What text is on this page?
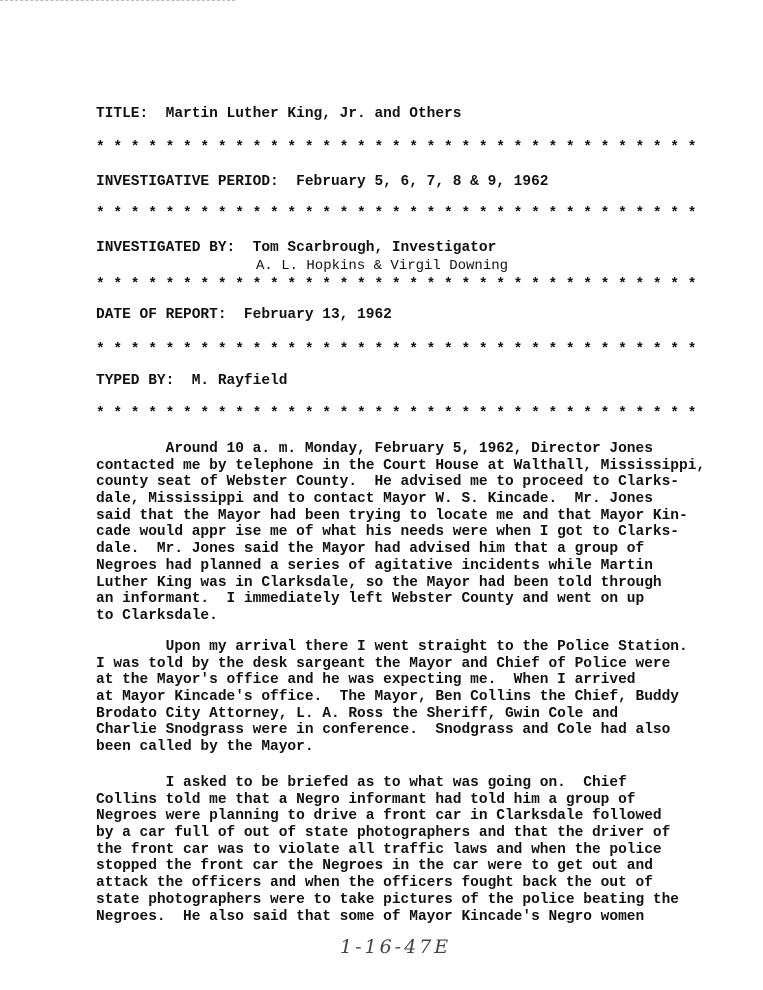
TITLE:  Martin Luther King, Jr. and Others
* * * * * * * * * * * * * * * * * * * * * * * * * * * * * * * * * * *
INVESTIGATIVE PERIOD:  February 5, 6, 7, 8 & 9, 1962
* * * * * * * * * * * * * * * * * * * * * * * * * * * * * * * * * * *
INVESTIGATED BY:  Tom Scarbrough, Investigator
A. L. Hopkins & Virgil Downing
* * * * * * * * * * * * * * * * * * * * * * * * * * * * * * * * * * *
DATE OF REPORT:  February 13, 1962
* * * * * * * * * * * * * * * * * * * * * * * * * * * * * * * * * * *
TYPED BY:  M. Rayfield
* * * * * * * * * * * * * * * * * * * * * * * * * * * * * * * * * * *
Around 10 a. m. Monday, February 5, 1962, Director Jones
contacted me by telephone in the Court House at Walthall, Mississippi,
county seat of Webster County.  He advised me to proceed to Clarks-
dale, Mississippi and to contact Mayor W. S. Kincade.  Mr. Jones
said that the Mayor had been trying to locate me and that Mayor Kin-
cade would appr ise me of what his needs were when I got to Clarks-
dale.  Mr. Jones said the Mayor had advised him that a group of
Negroes had planned a series of agitative incidents while Martin
Luther King was in Clarksdale, so the Mayor had been told through
an informant.  I immediately left Webster County and went on up
to Clarksdale.
Upon my arrival there I went straight to the Police Station.
I was told by the desk sargeant the Mayor and Chief of Police were
at the Mayor's office and he was expecting me.  When I arrived
at Mayor Kincade's office.  The Mayor, Ben Collins the Chief, Buddy
Brodato City Attorney, L. A. Ross the Sheriff, Gwin Cole and
Charlie Snodgrass were in conference.  Snodgrass and Cole had also
been called by the Mayor.
I asked to be briefed as to what was going on.  Chief
Collins told me that a Negro informant had told him a group of
Negroes were planning to drive a front car in Clarksdale followed
by a car full of out of state photographers and that the driver of
the front car was to violate all traffic laws and when the police
stopped the front car the Negroes in the car were to get out and
attack the officers and when the officers fought back the out of
state photographers were to take pictures of the police beating the
Negroes.  He also said that some of Mayor Kincade's Negro women
1-16-47E
